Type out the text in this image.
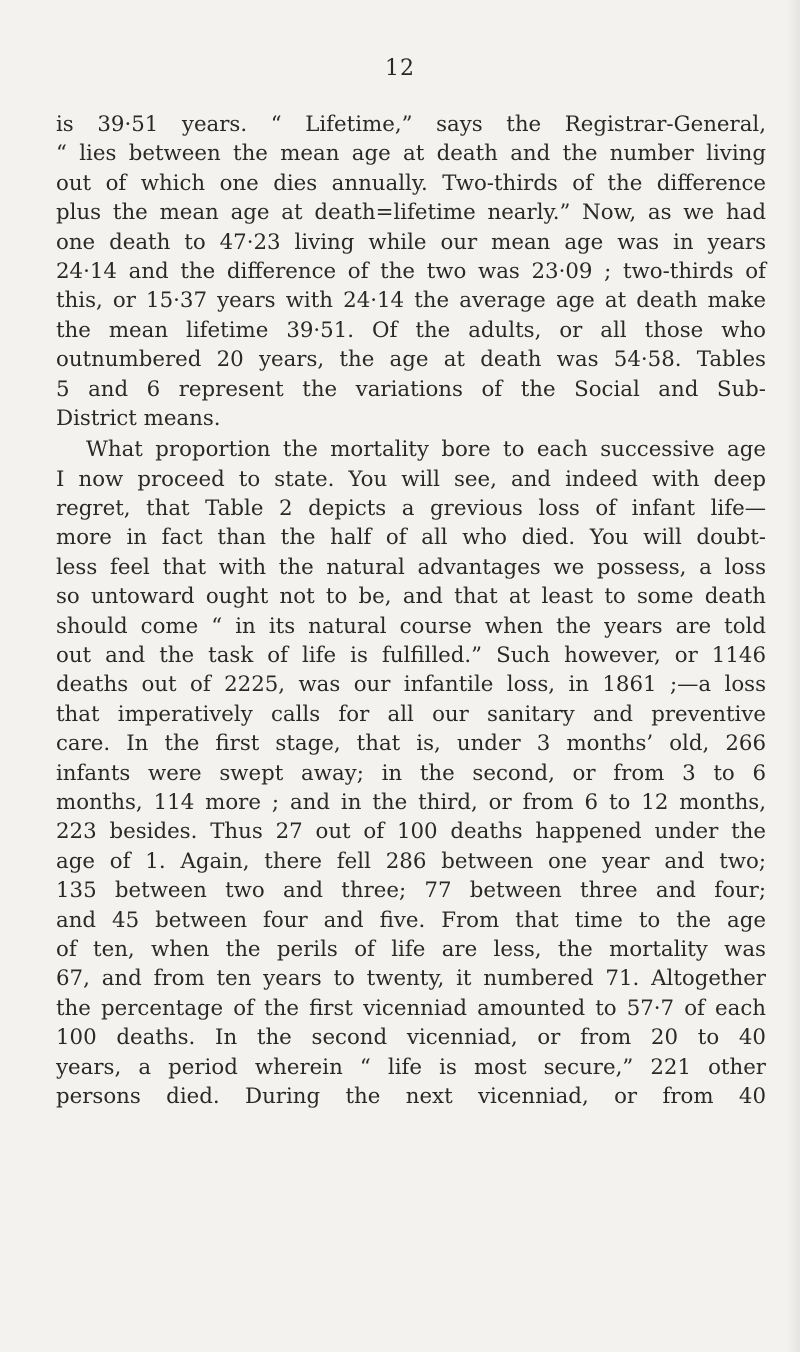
12
is 39·51 years. “ Lifetime,” says the Registrar-General,
“ lies between the mean age at death and the number living
out of which one dies annually. Two-thirds of the difference
plus the mean age at death=lifetime nearly.” Now, as we had
one death to 47·23 living while our mean age was in years
24·14 and the difference of the two was 23·09 ; two-thirds of
this, or 15·37 years with 24·14 the average age at death make
the mean lifetime 39·51. Of the adults, or all those who
outnumbered 20 years, the age at death was 54·58. Tables
5 and 6 represent the variations of the Social and Sub-
District means.
What proportion the mortality bore to each successive age
I now proceed to state. You will see, and indeed with deep
regret, that Table 2 depicts a grevious loss of infant life—
more in fact than the half of all who died. You will doubt-
less feel that with the natural advantages we possess, a loss
so untoward ought not to be, and that at least to some death
should come “ in its natural course when the years are told
out and the task of life is fulfilled.” Such however, or 1146
deaths out of 2225, was our infantile loss, in 1861 ;—a loss
that imperatively calls for all our sanitary and preventive
care. In the first stage, that is, under 3 months’ old, 266
infants were swept away; in the second, or from 3 to 6
months, 114 more ; and in the third, or from 6 to 12 months,
223 besides. Thus 27 out of 100 deaths happened under the
age of 1. Again, there fell 286 between one year and two;
135 between two and three; 77 between three and four;
and 45 between four and five. From that time to the age
of ten, when the perils of life are less, the mortality was
67, and from ten years to twenty, it numbered 71. Altogether
the percentage of the first vicenniad amounted to 57·7 of each
100 deaths. In the second vicenniad, or from 20 to 40
years, a period wherein “ life is most secure,” 221 other
persons died. During the next vicenniad, or from 40
